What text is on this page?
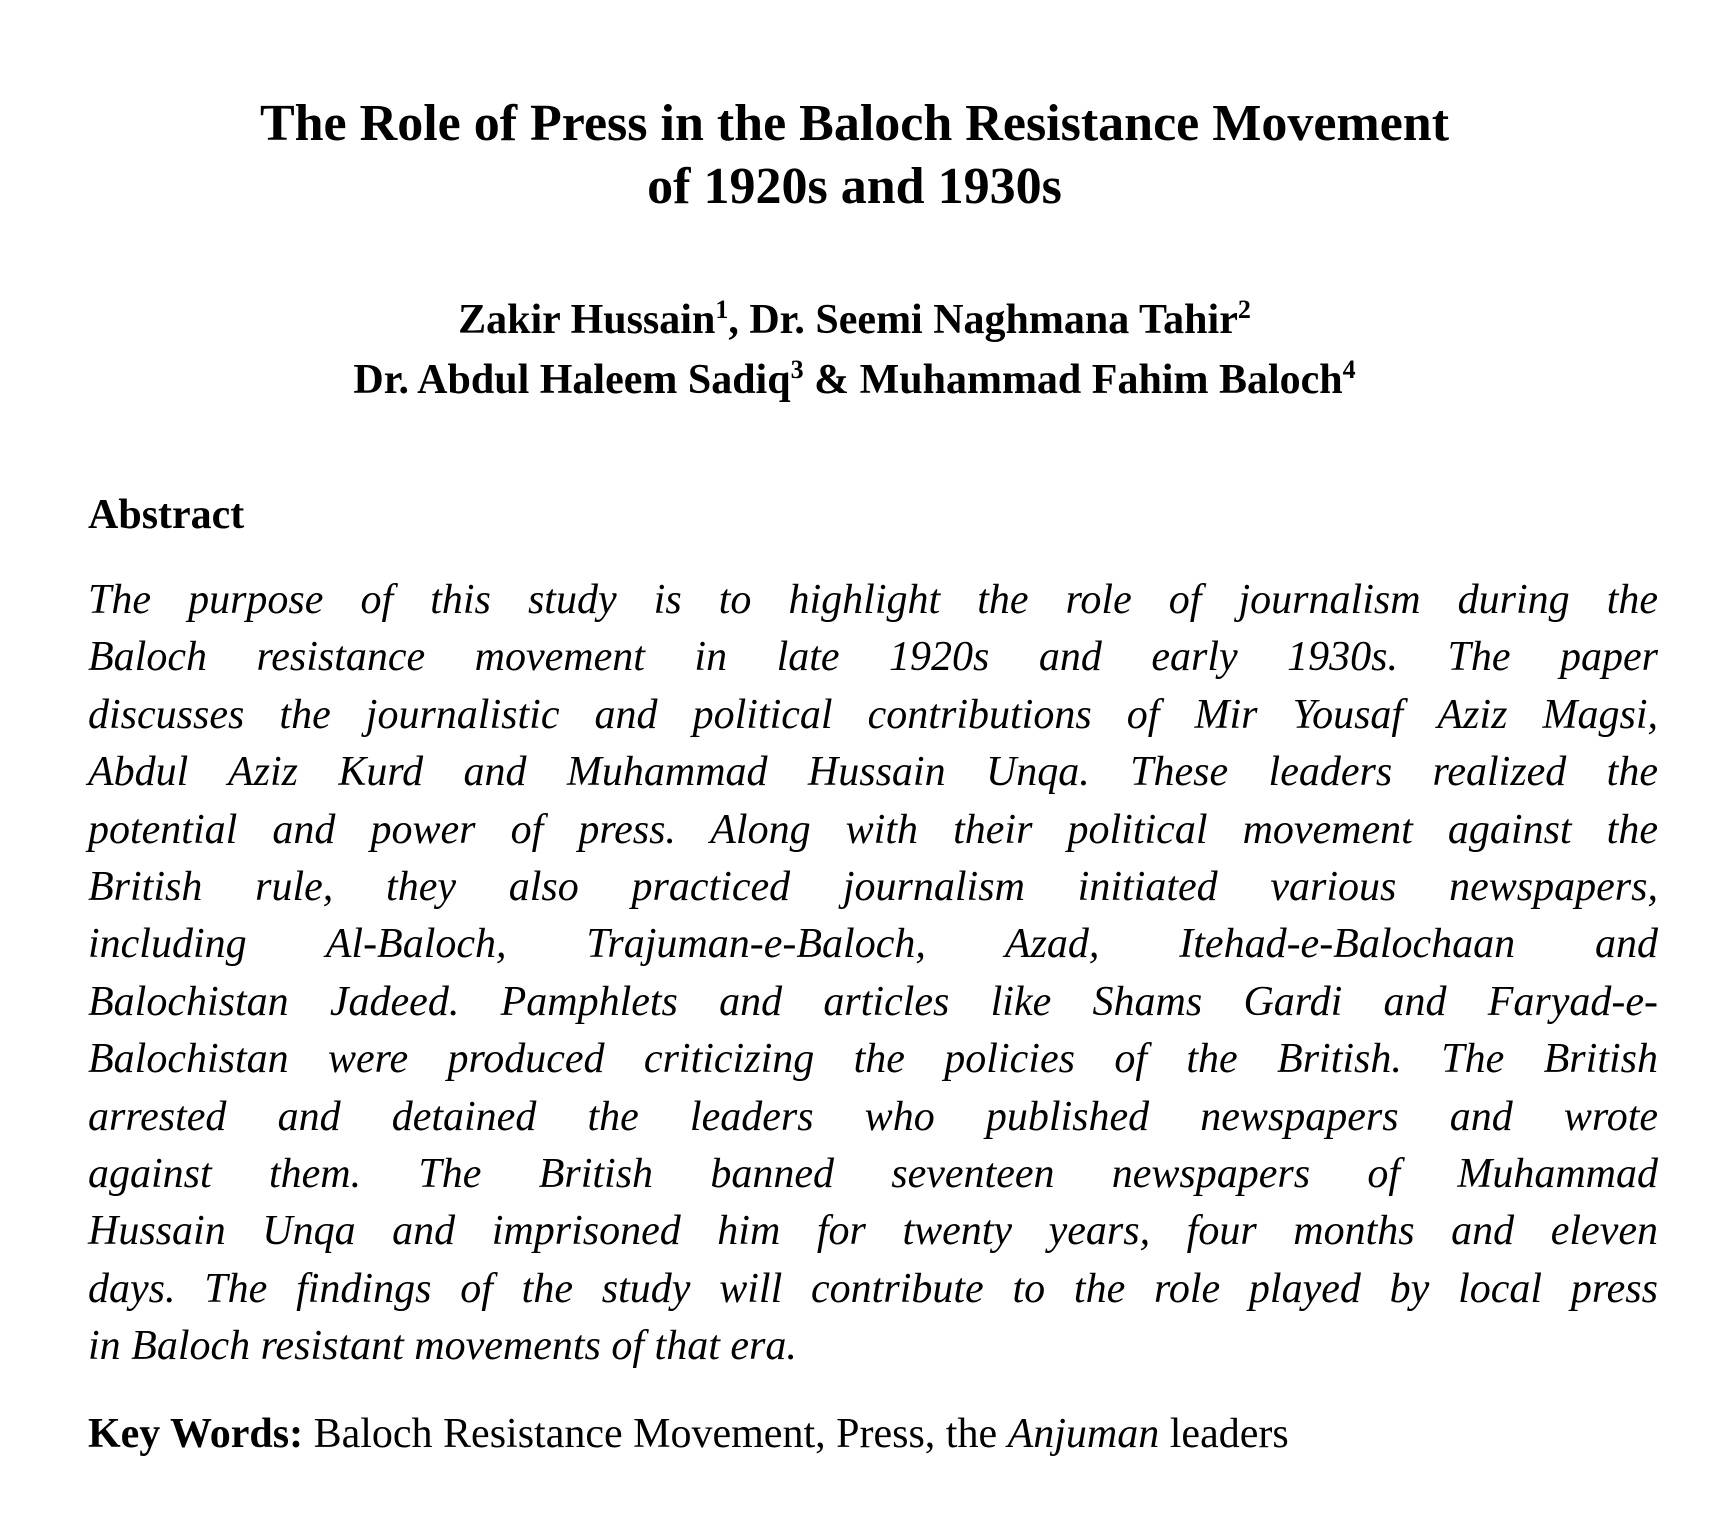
The Role of Press in the Baloch Resistance Movement
of 1920s and 1930s
Zakir Hussain$^1$, Dr. Seemi Naghmana Tahir$^2$
Dr. Abdul Haleem Sadiq$^3$ & Muhammad Fahim Baloch$^4$
Abstract
The purpose of this study is to highlight the role of journalism during the
Baloch resistance movement in late 1920s and early 1930s. The paper
discusses the journalistic and political contributions of Mir Yousaf Aziz Magsi,
Abdul Aziz Kurd and Muhammad Hussain Unqa. These leaders realized the
potential and power of press. Along with their political movement against the
British rule, they also practiced journalism initiated various newspapers,
including Al-Baloch, Trajuman-e-Baloch, Azad, Itehad-e-Balochaan and
Balochistan Jadeed. Pamphlets and articles like Shams Gardi and Faryad-e-
Balochistan were produced criticizing the policies of the British. The British
arrested and detained the leaders who published newspapers and wrote
against them. The British banned seventeen newspapers of Muhammad
Hussain Unqa and imprisoned him for twenty years, four months and eleven
days. The findings of the study will contribute to the role played by local press
in Baloch resistant movements of that era.
Key Words: Baloch Resistance Movement, Press, the Anjuman leaders
